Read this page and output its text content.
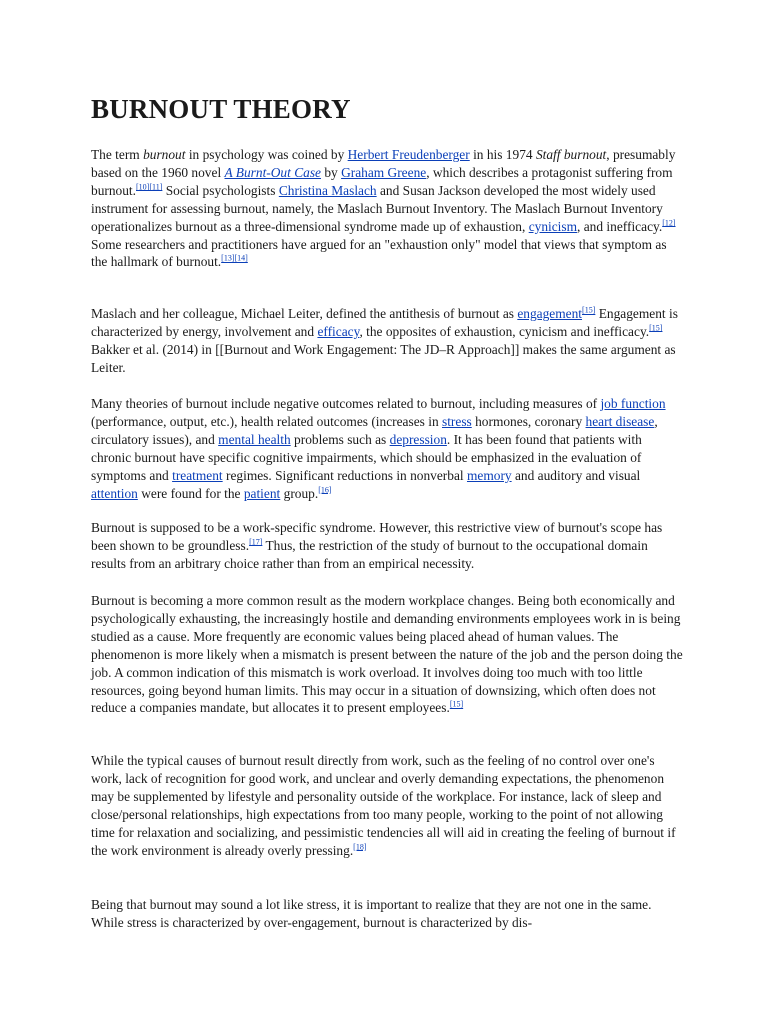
BURNOUT THEORY

The term burnout in psychology was coined by Herbert Freudenberger in his 1974 Staff burnout, presumably based on the 1960 novel A Burnt-Out Case by Graham Greene, which describes a protagonist suffering from burnout.[10][11] Social psychologists Christina Maslach and Susan Jackson developed the most widely used instrument for assessing burnout, namely, the Maslach Burnout Inventory. The Maslach Burnout Inventory operationalizes burnout as a three-dimensional syndrome made up of exhaustion, cynicism, and inefficacy.[12] Some researchers and practitioners have argued for an "exhaustion only" model that views that symptom as the hallmark of burnout.[13][14]

Maslach and her colleague, Michael Leiter, defined the antithesis of burnout as engagement[15] Engagement is characterized by energy, involvement and efficacy, the opposites of exhaustion, cynicism and inefficacy.[15] Bakker et al. (2014) in [[Burnout and Work Engagement: The JD–R Approach]] makes the same argument as Leiter.

Many theories of burnout include negative outcomes related to burnout, including measures of job function (performance, output, etc.), health related outcomes (increases in stress hormones, coronary heart disease, circulatory issues), and mental health problems such as depression. It has been found that patients with chronic burnout have specific cognitive impairments, which should be emphasized in the evaluation of symptoms and treatment regimes. Significant reductions in nonverbal memory and auditory and visual attention were found for the patient group.[16]

Burnout is supposed to be a work-specific syndrome. However, this restrictive view of burnout's scope has been shown to be groundless.[17] Thus, the restriction of the study of burnout to the occupational domain results from an arbitrary choice rather than from an empirical necessity.

Burnout is becoming a more common result as the modern workplace changes. Being both economically and psychologically exhausting, the increasingly hostile and demanding environments employees work in is being studied as a cause. More frequently are economic values being placed ahead of human values. The phenomenon is more likely when a mismatch is present between the nature of the job and the person doing the job. A common indication of this mismatch is work overload. It involves doing too much with too little resources, going beyond human limits. This may occur in a situation of downsizing, which often does not reduce a companies mandate, but allocates it to present employees.[15]

While the typical causes of burnout result directly from work, such as the feeling of no control over one's work, lack of recognition for good work, and unclear and overly demanding expectations, the phenomenon may be supplemented by lifestyle and personality outside of the workplace. For instance, lack of sleep and close/personal relationships, high expectations from too many people, working to the point of not allowing time for relaxation and socializing, and pessimistic tendencies all will aid in creating the feeling of burnout if the work environment is already overly pressing.[18]

Being that burnout may sound a lot like stress, it is important to realize that they are not one in the same. While stress is characterized by over-engagement, burnout is characterized by dis-
